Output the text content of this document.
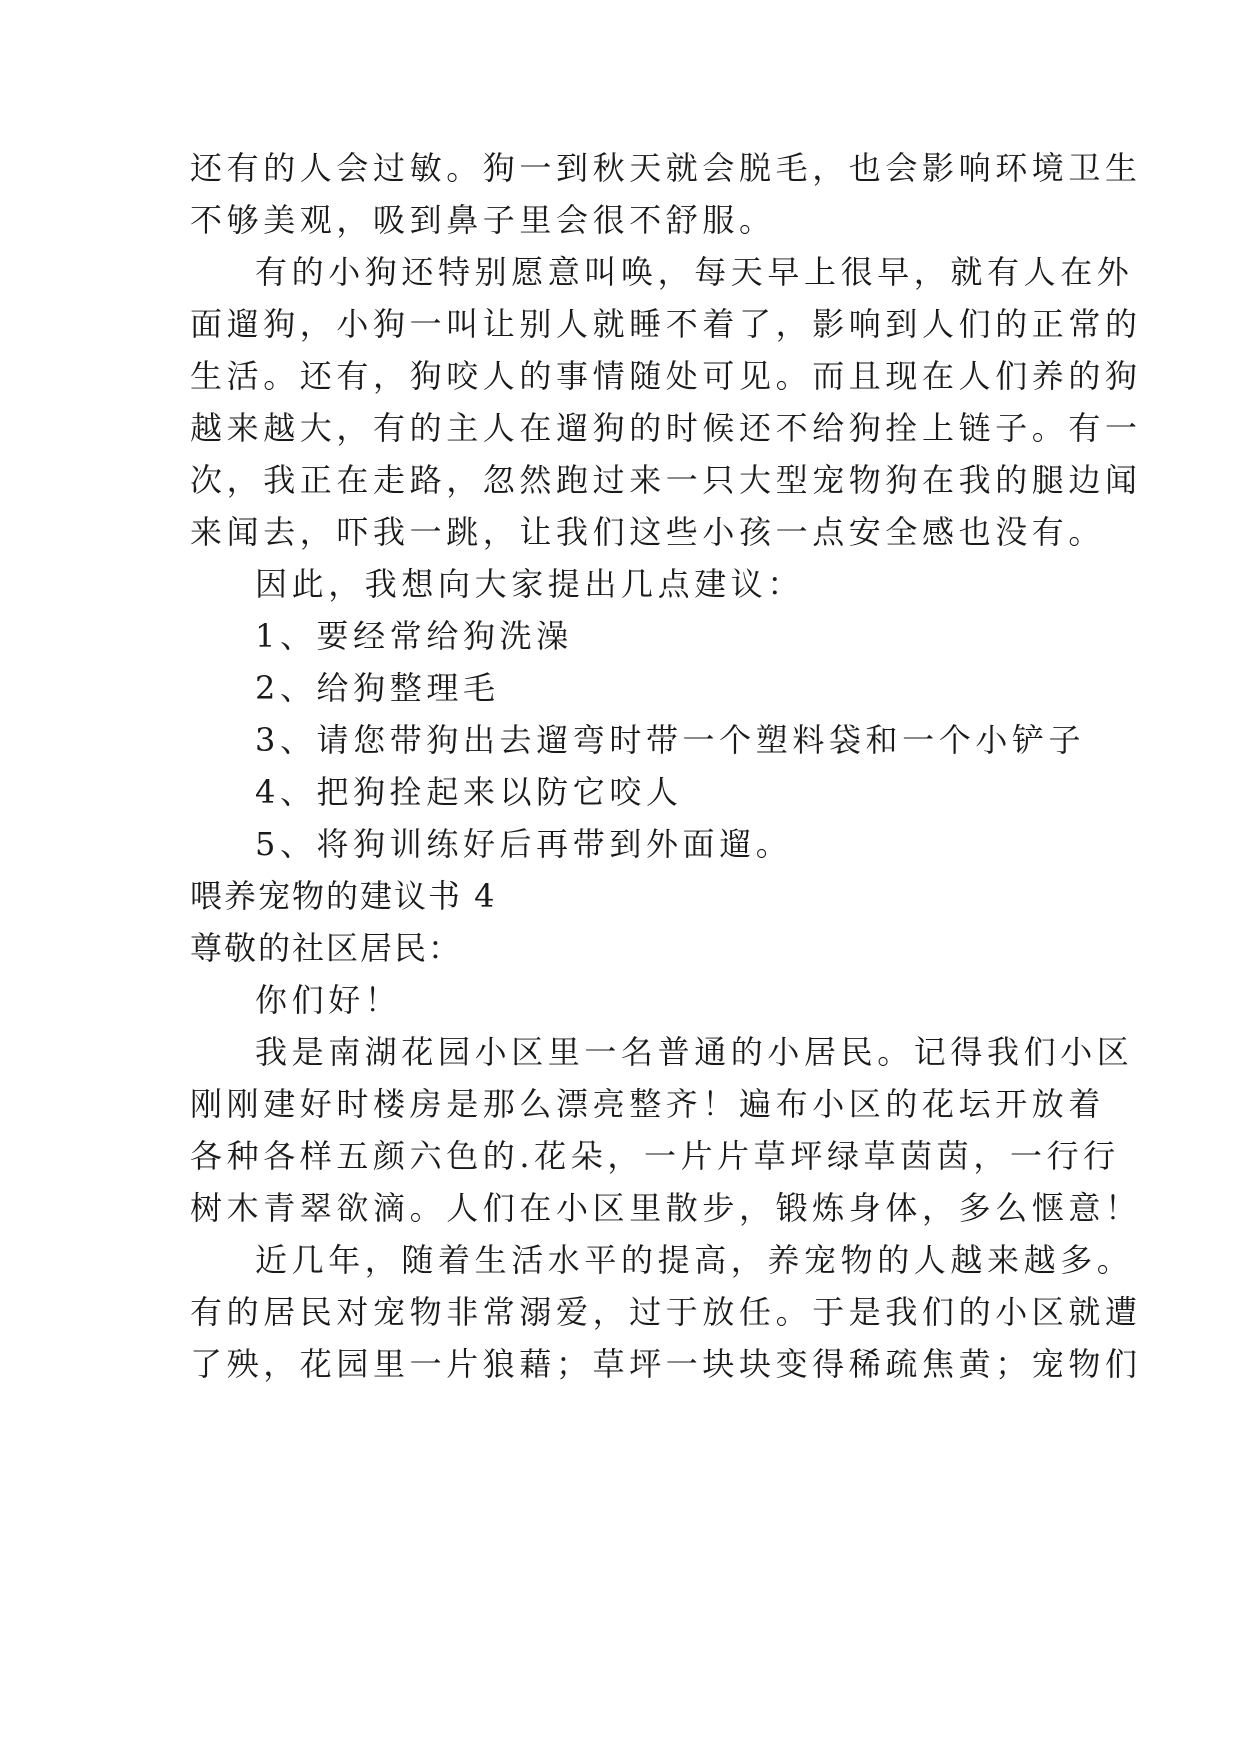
还有的人会过敏。狗一到秋天就会脱毛，也会影响环境卫生
不够美观，吸到鼻子里会很不舒服。
有的小狗还特别愿意叫唤，每天早上很早，就有人在外
面遛狗，小狗一叫让别人就睡不着了，影响到人们的正常的
生活。还有，狗咬人的事情随处可见。而且现在人们养的狗
越来越大，有的主人在遛狗的时候还不给狗拴上链子。有一
次，我正在走路，忽然跑过来一只大型宠物狗在我的腿边闻
来闻去，吓我一跳，让我们这些小孩一点安全感也没有。
因此，我想向大家提出几点建议：
1、要经常给狗洗澡
2、给狗整理毛
3、请您带狗出去遛弯时带一个塑料袋和一个小铲子
4、把狗拴起来以防它咬人
5、将狗训练好后再带到外面遛。
喂养宠物的建议书 4
尊敬的社区居民：
你们好！
我是南湖花园小区里一名普通的小居民。记得我们小区
刚刚建好时楼房是那么漂亮整齐！遍布小区的花坛开放着
各种各样五颜六色的.花朵，一片片草坪绿草茵茵，一行行
树木青翠欲滴。人们在小区里散步，锻炼身体，多么惬意！
近几年，随着生活水平的提高，养宠物的人越来越多。
有的居民对宠物非常溺爱，过于放任。于是我们的小区就遭
了殃，花园里一片狼藉；草坪一块块变得稀疏焦黄；宠物们
